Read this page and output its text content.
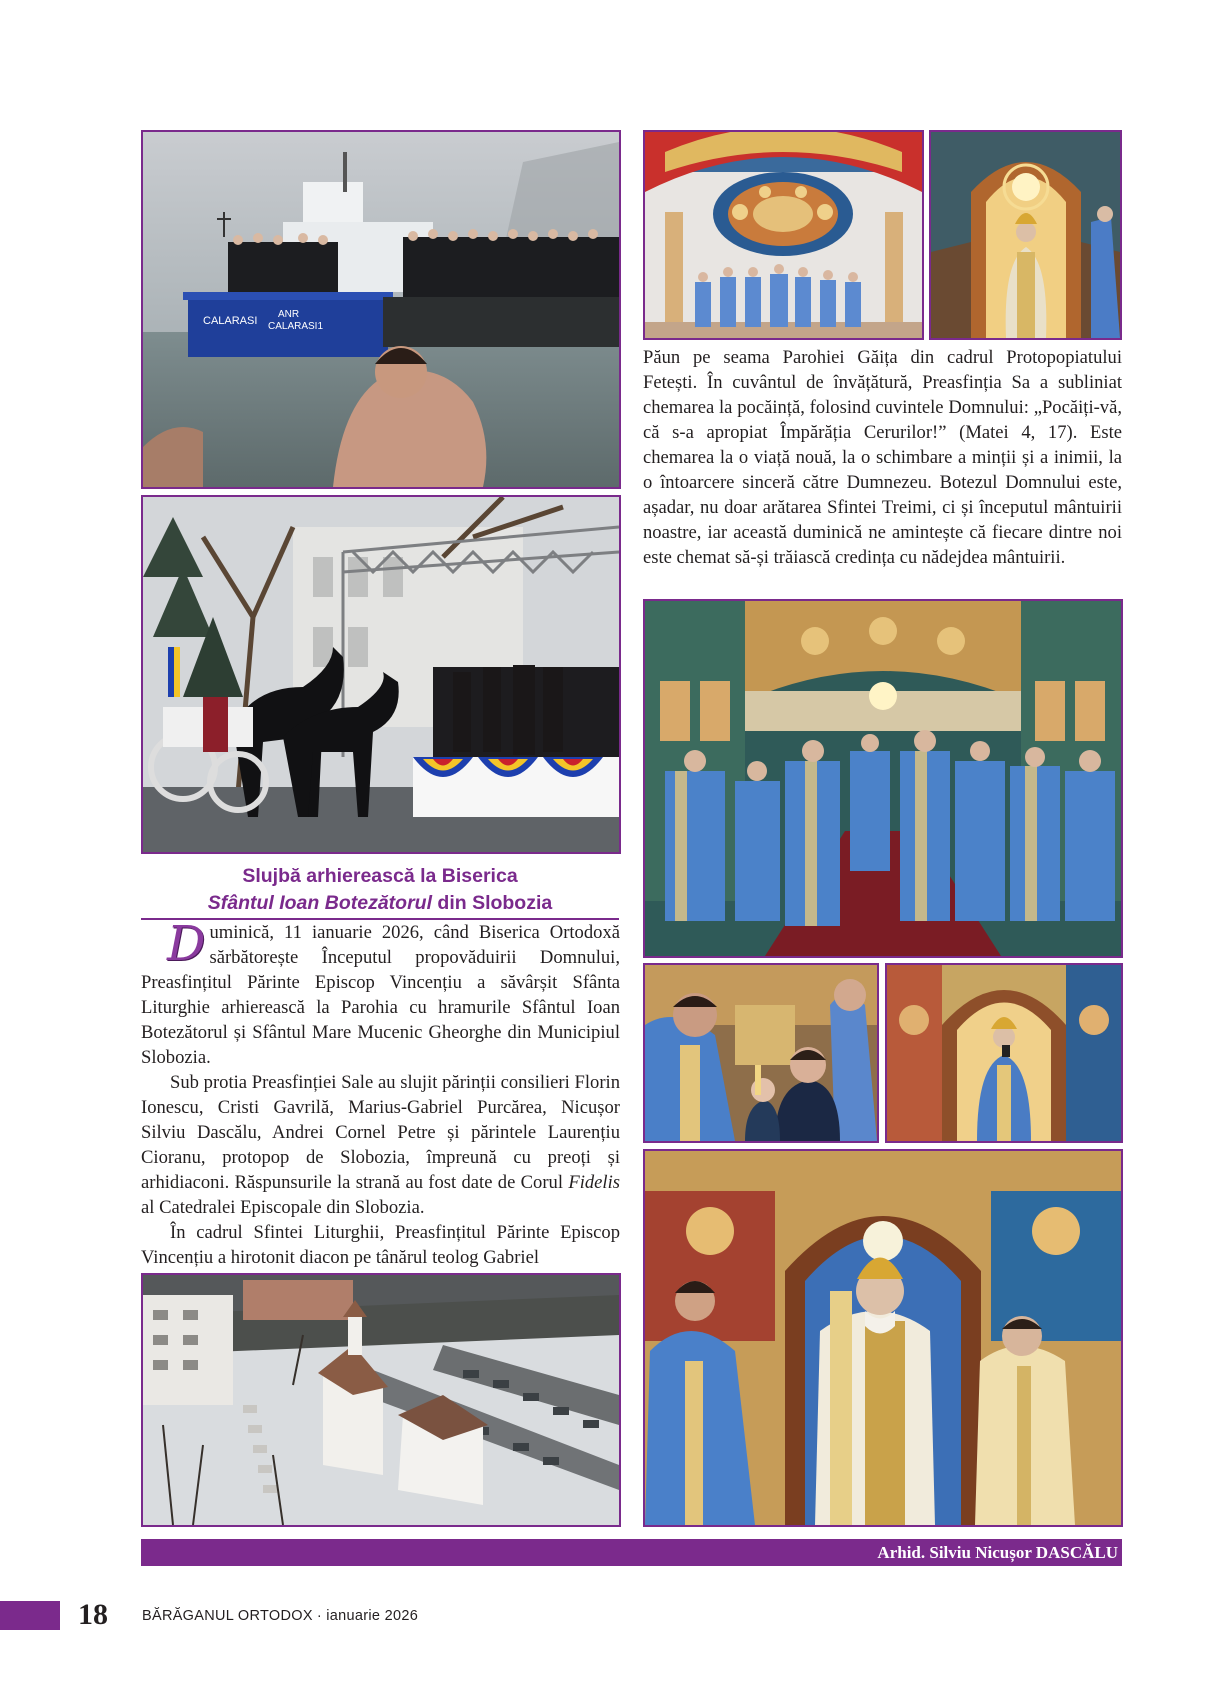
CALARASI
ANR
CALARASI1
Slujbă arhierească la Biserica
Sfântul Ioan Botezătorul din Slobozia

Duminică, 11 ianuarie 2026, când Biserica Ortodoxă sărbătorește Începutul propovăduirii Domnului, Preasfințitul Părinte Episcop Vincențiu a săvârșit Sfânta Liturghie arhierească la Parohia cu hramurile Sfântul Ioan Botezătorul și Sfântul Mare Mucenic Gheorghe din Municipiul Slobozia.

Sub protia Preasfinției Sale au slujit părinții consilieri Florin Ionescu, Cristi Gavrilă, Marius-Gabriel Purcărea, Nicușor Silviu Dascălu, Andrei Cornel Petre și părintele Laurențiu Cioranu, protopop de Slobozia, împreună cu preoți și arhidiaconi. Răspunsurile la strană au fost date de Corul Fidelis al Catedralei Episcopale din Slobozia.

În cadrul Sfintei Liturghii, Preasfințitul Părinte Episcop Vincențiu a hirotonit diacon pe tânărul teolog Gabriel

Păun pe seama Parohiei Găița din cadrul Protopopiatului Fetești. În cuvântul de învățătură, Preasfinția Sa a subliniat chemarea la pocăință, folosind cuvintele Domnului: „Pocăiți-vă, că s-a apropiat Împărăția Cerurilor!” (Matei 4, 17). Este chemarea la o viață nouă, la o schimbare a minții și a inimii, la o întoarcere sinceră către Dumnezeu. Botezul Domnului este, așadar, nu doar arătarea Sfintei Treimi, ci și începutul mântuirii noastre, iar această duminică ne amintește că fiecare dintre noi este chemat să-și trăiască credința cu nădejdea mântuirii.

Arhid. Silviu Nicușor DASCĂLU
18 BĂRĂGANUL ORTODOX · ianuarie 2026
